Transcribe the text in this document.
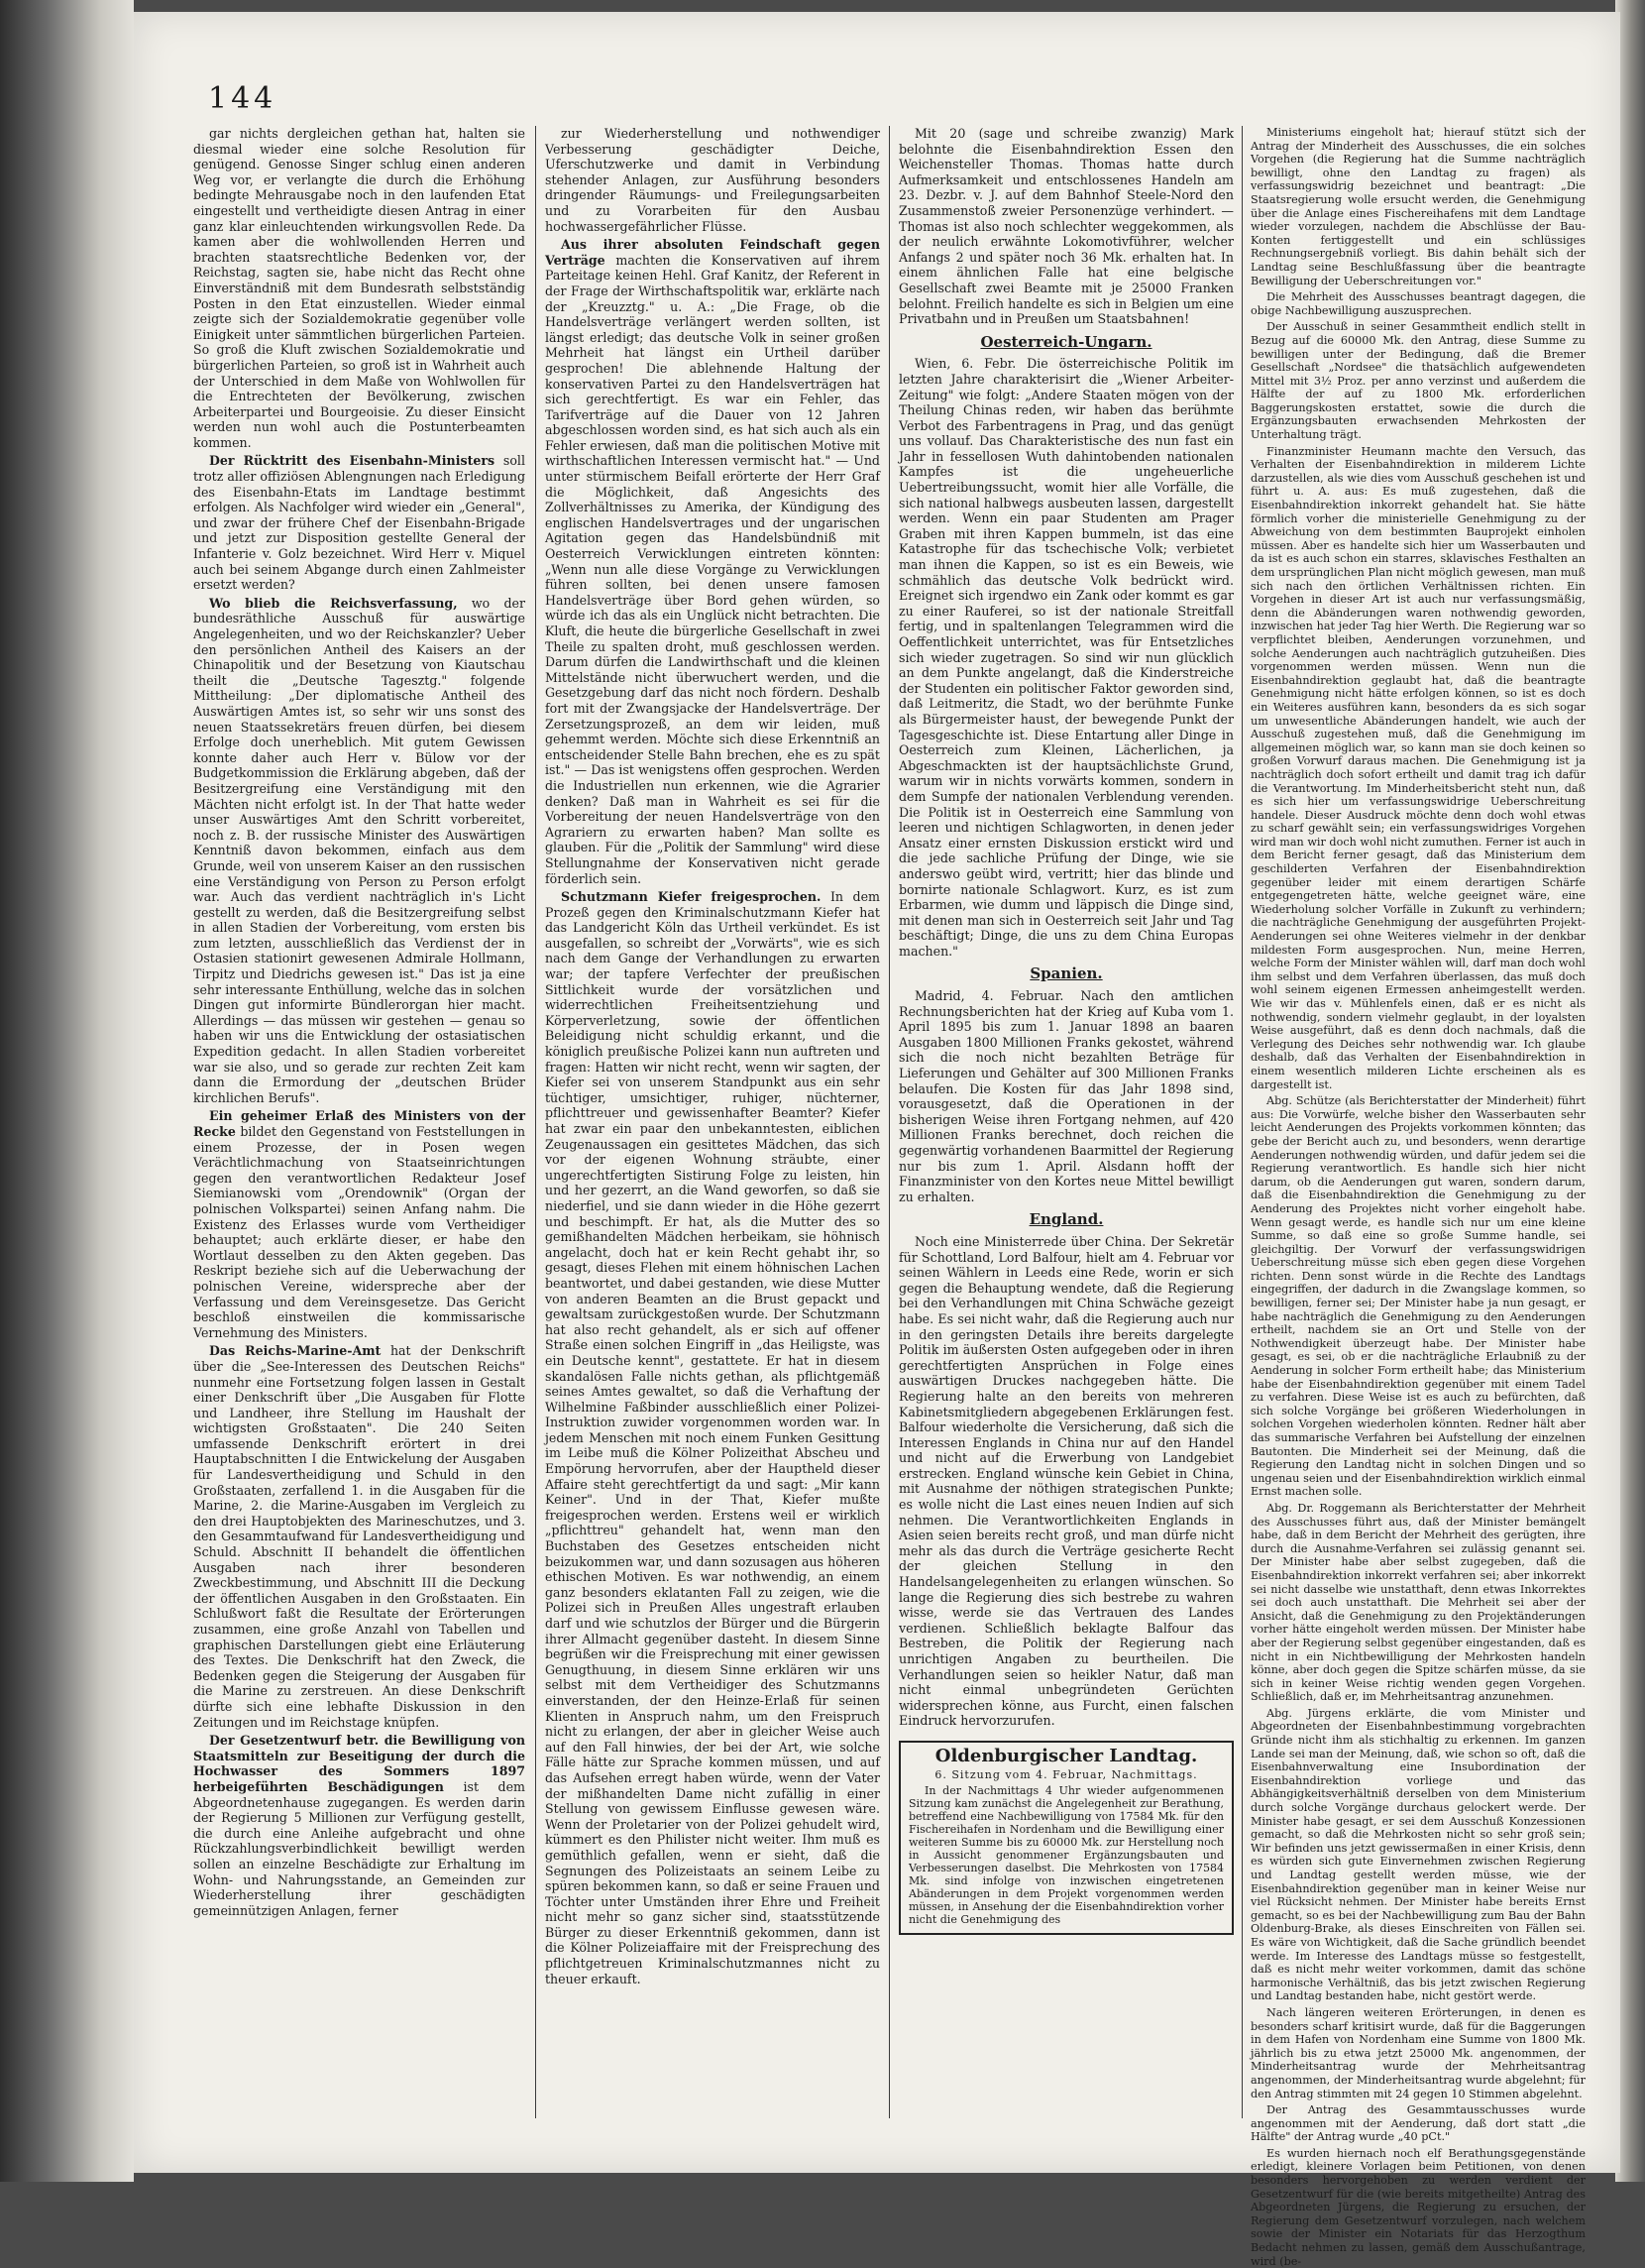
144

gar nichts dergleichen gethan hat, halten sie diesmal wieder eine solche Resolution für genügend. Genosse Singer schlug einen anderen Weg vor, er verlangte die durch die Erhöhung bedingte Mehrausgabe noch in den laufenden Etat eingestellt und vertheidigte diesen Antrag in einer ganz klar einleuchtenden wirkungsvollen Rede. Da kamen aber die wohlwollenden Herren und brachten staatsrechtliche Bedenken vor, der Reichstag, sagten sie, habe nicht das Recht ohne Einverständniß mit dem Bundesrath selbstständig Posten in den Etat einzustellen. Wieder einmal zeigte sich der Sozialdemokratie gegenüber volle Einigkeit unter sämmtlichen bürgerlichen Parteien. So groß die Kluft zwischen Sozialdemokratie und bürgerlichen Parteien, so groß ist in Wahrheit auch der Unterschied in dem Maße von Wohlwollen für die Entrechteten der Bevölkerung, zwischen Arbeiterpartei und Bourgeoisie. Zu dieser Einsicht werden nun wohl auch die Postunterbeamten kommen.

Der Rücktritt des Eisenbahn-Ministers soll trotz aller offiziösen Ablengnungen nach Erledigung des Eisenbahn-Etats im Landtage bestimmt erfolgen. Als Nachfolger wird wieder ein „General", und zwar der frühere Chef der Eisenbahn-Brigade und jetzt zur Disposition gestellte General der Infanterie v. Golz bezeichnet. Wird Herr v. Miquel auch bei seinem Abgange durch einen Zahlmeister ersetzt werden?

Wo blieb die Reichsverfassung, wo der bundesräthliche Ausschuß für auswärtige Angelegenheiten, und wo der Reichskanzler? Ueber den persönlichen Antheil des Kaisers an der Chinapolitik und der Besetzung von Kiautschau theilt die „Deutsche Tagesztg." folgende Mittheilung: „Der diplomatische Antheil des Auswärtigen Amtes ist, so sehr wir uns sonst des neuen Staatssekretärs freuen dürfen, bei diesem Erfolge doch unerheblich. Mit gutem Gewissen konnte daher auch Herr v. Bülow vor der Budgetkommission die Erklärung abgeben, daß der Besitzergreifung eine Verständigung mit den Mächten nicht erfolgt ist. In der That hatte weder unser Auswärtiges Amt den Schritt vorbereitet, noch z. B. der russische Minister des Auswärtigen Kenntniß davon bekommen, einfach aus dem Grunde, weil von unserem Kaiser an den russischen eine Verständigung von Person zu Person erfolgt war. Auch das verdient nachträglich in's Licht gestellt zu werden, daß die Besitzergreifung selbst in allen Stadien der Vorbereitung, vom ersten bis zum letzten, ausschließlich das Verdienst der in Ostasien stationirt gewesenen Admirale Hollmann, Tirpitz und Diedrichs gewesen ist." Das ist ja eine sehr interessante Enthüllung, welche das in solchen Dingen gut informirte Bündlerorgan hier macht. Allerdings — das müssen wir gestehen — genau so haben wir uns die Entwicklung der ostasiatischen Expedition gedacht. In allen Stadien vorbereitet war sie also, und so gerade zur rechten Zeit kam dann die Ermordung der „deutschen Brüder kirchlichen Berufs".

Ein geheimer Erlaß des Ministers von der Recke bildet den Gegenstand von Feststellungen in einem Prozesse, der in Posen wegen Verächtlichmachung von Staatseinrichtungen gegen den verantwortlichen Redakteur Josef Siemianowski vom „Orendownik" (Organ der polnischen Volkspartei) seinen Anfang nahm. Die Existenz des Erlasses wurde vom Vertheidiger behauptet; auch erklärte dieser, er habe den Wortlaut desselben zu den Akten gegeben. Das Reskript beziehe sich auf die Ueberwachung der polnischen Vereine, widerspreche aber der Verfassung und dem Vereinsgesetze. Das Gericht beschloß einstweilen die kommissarische Vernehmung des Ministers.

Das Reichs-Marine-Amt hat der Denkschrift über die „See-Interessen des Deutschen Reichs" nunmehr eine Fortsetzung folgen lassen in Gestalt einer Denkschrift über „Die Ausgaben für Flotte und Landheer, ihre Stellung im Haushalt der wichtigsten Großstaaten". Die 240 Seiten umfassende Denkschrift erörtert in drei Hauptabschnitten I die Entwickelung der Ausgaben für Landesvertheidigung und Schuld in den Großstaaten, zerfallend 1. in die Ausgaben für die Marine, 2. die Marine-Ausgaben im Vergleich zu den drei Hauptobjekten des Marineschutzes, und 3. den Gesammtaufwand für Landesvertheidigung und Schuld. Abschnitt II behandelt die öffentlichen Ausgaben nach ihrer besonderen Zweckbestimmung, und Abschnitt III die Deckung der öffentlichen Ausgaben in den Großstaaten. Ein Schlußwort faßt die Resultate der Erörterungen zusammen, eine große Anzahl von Tabellen und graphischen Darstellungen giebt eine Erläuterung des Textes. Die Denkschrift hat den Zweck, die Bedenken gegen die Steigerung der Ausgaben für die Marine zu zerstreuen. An diese Denkschrift dürfte sich eine lebhafte Diskussion in den Zeitungen und im Reichstage knüpfen.

Der Gesetzentwurf betr. die Bewilligung von Staatsmitteln zur Beseitigung der durch die Hochwasser des Sommers 1897 herbeigeführten Beschädigungen ist dem Abgeordnetenhause zugegangen. Es werden darin der Regierung 5 Millionen zur Verfügung gestellt, die durch eine Anleihe aufgebracht und ohne Rückzahlungsverbindlichkeit bewilligt werden sollen an einzelne Beschädigte zur Erhaltung im Wohn- und Nahrungsstande, an Gemeinden zur Wiederherstellung ihrer geschädigten gemeinnützigen Anlagen, ferner

zur Wiederherstellung und nothwendiger Verbesserung geschädigter Deiche, Uferschutzwerke und damit in Verbindung stehender Anlagen, zur Ausführung besonders dringender Räumungs- und Freilegungsarbeiten und zu Vorarbeiten für den Ausbau hochwassergefährlicher Flüsse.

Aus ihrer absoluten Feindschaft gegen Verträge machten die Konservativen auf ihrem Parteitage keinen Hehl. Graf Kanitz, der Referent in der Frage der Wirthschaftspolitik war, erklärte nach der „Kreuzztg." u. A.: „Die Frage, ob die Handelsverträge verlängert werden sollten, ist längst erledigt; das deutsche Volk in seiner großen Mehrheit hat längst ein Urtheil darüber gesprochen! Die ablehnende Haltung der konservativen Partei zu den Handelsverträgen hat sich gerechtfertigt. Es war ein Fehler, das Tarifverträge auf die Dauer von 12 Jahren abgeschlossen worden sind, es hat sich auch als ein Fehler erwiesen, daß man die politischen Motive mit wirthschaftlichen Interessen vermischt hat." — Und unter stürmischem Beifall erörterte der Herr Graf die Möglichkeit, daß Angesichts des Zollverhältnisses zu Amerika, der Kündigung des englischen Handelsvertrages und der ungarischen Agitation gegen das Handelsbündniß mit Oesterreich Verwicklungen eintreten könnten: „Wenn nun alle diese Vorgänge zu Verwicklungen führen sollten, bei denen unsere famosen Handelsverträge über Bord gehen würden, so würde ich das als ein Unglück nicht betrachten. Die Kluft, die heute die bürgerliche Gesellschaft in zwei Theile zu spalten droht, muß geschlossen werden. Darum dürfen die Landwirthschaft und die kleinen Mittelstände nicht überwuchert werden, und die Gesetzgebung darf das nicht noch fördern. Deshalb fort mit der Zwangsjacke der Handelsverträge. Der Zersetzungsprozeß, an dem wir leiden, muß gehemmt werden. Möchte sich diese Erkenntniß an entscheidender Stelle Bahn brechen, ehe es zu spät ist." — Das ist wenigstens offen gesprochen. Werden die Industriellen nun erkennen, wie die Agrarier denken? Daß man in Wahrheit es sei für die Vorbereitung der neuen Handelsverträge von den Agrariern zu erwarten haben? Man sollte es glauben. Für die „Politik der Sammlung" wird diese Stellungnahme der Konservativen nicht gerade förderlich sein.

Schutzmann Kiefer freigesprochen. In dem Prozeß gegen den Kriminalschutzmann Kiefer hat das Landgericht Köln das Urtheil verkündet. Es ist ausgefallen, so schreibt der „Vorwärts", wie es sich nach dem Gange der Verhandlungen zu erwarten war; der tapfere Verfechter der preußischen Sittlichkeit wurde der vorsätzlichen und widerrechtlichen Freiheitsentziehung und Körperverletzung, sowie der öffentlichen Beleidigung nicht schuldig erkannt, und die königlich preußische Polizei kann nun auftreten und fragen: Hatten wir nicht recht, wenn wir sagten, der Kiefer sei von unserem Standpunkt aus ein sehr tüchtiger, umsichtiger, ruhiger, nüchterner, pflichttreuer und gewissenhafter Beamter? Kiefer hat zwar ein paar den unbekanntesten, eiblichen Zeugenaussagen ein gesittetes Mädchen, das sich vor der eigenen Wohnung sträubte, einer ungerechtfertigten Sistirung Folge zu leisten, hin und her gezerrt, an die Wand geworfen, so daß sie niederfiel, und sie dann wieder in die Höhe gezerrt und beschimpft. Er hat, als die Mutter des so gemißhandelten Mädchen herbeikam, sie höhnisch angelacht, doch hat er kein Recht gehabt ihr, so gesagt, dieses Flehen mit einem höhnischen Lachen beantwortet, und dabei gestanden, wie diese Mutter von anderen Beamten an die Brust gepackt und gewaltsam zurückgestoßen wurde. Der Schutzmann hat also recht gehandelt, als er sich auf offener Straße einen solchen Eingriff in „das Heiligste, was ein Deutsche kennt", gestattete. Er hat in diesem skandalösen Falle nichts gethan, als pflichtgemäß seines Amtes gewaltet, so daß die Verhaftung der Wilhelmine Faßbinder ausschließlich einer Polizei-Instruktion zuwider vorgenommen worden war. In jedem Menschen mit noch einem Funken Gesittung im Leibe muß die Kölner Polizeithat Abscheu und Empörung hervorrufen, aber der Hauptheld dieser Affaire steht gerechtfertigt da und sagt: „Mir kann Keiner". Und in der That, Kiefer mußte freigesprochen werden. Erstens weil er wirklich „pflichttreu" gehandelt hat, wenn man den Buchstaben des Gesetzes entscheiden nicht beizukommen war, und dann sozusagen aus höheren ethischen Motiven. Es war nothwendig, an einem ganz besonders eklatanten Fall zu zeigen, wie die Polizei sich in Preußen Alles ungestraft erlauben darf und wie schutzlos der Bürger und die Bürgerin ihrer Allmacht gegenüber dasteht. In diesem Sinne begrüßen wir die Freisprechung mit einer gewissen Genugthuung, in diesem Sinne erklären wir uns selbst mit dem Vertheidiger des Schutzmanns einverstanden, der den Heinze-Erlaß für seinen Klienten in Anspruch nahm, um den Freispruch nicht zu erlangen, der aber in gleicher Weise auch auf den Fall hinwies, der bei der Art, wie solche Fälle hätte zur Sprache kommen müssen, und auf das Aufsehen erregt haben würde, wenn der Vater der mißhandelten Dame nicht zufällig in einer Stellung von gewissem Einflusse gewesen wäre. Wenn der Proletarier von der Polizei gehudelt wird, kümmert es den Philister nicht weiter. Ihm muß es gemüthlich gefallen, wenn er sieht, daß die Segnungen des Polizeistaats an seinem Leibe zu spüren bekommen kann, so daß er seine Frauen und Töchter unter Umständen ihrer Ehre und Freiheit nicht mehr so ganz sicher sind, staatsstützende Bürger zu dieser Erkenntniß gekommen, dann ist die Kölner Polizeiaffaire mit der Freisprechung des pflichtgetreuen Kriminalschutzmannes nicht zu theuer erkauft.

Mit 20 (sage und schreibe zwanzig) Mark belohnte die Eisenbahndirektion Essen den Weichensteller Thomas. Thomas hatte durch Aufmerksamkeit und entschlossenes Handeln am 23. Dezbr. v. J. auf dem Bahnhof Steele-Nord den Zusammenstoß zweier Personenzüge verhindert. — Thomas ist also noch schlechter weggekommen, als der neulich erwähnte Lokomotivführer, welcher Anfangs 2 und später noch 36 Mk. erhalten hat. In einem ähnlichen Falle hat eine belgische Gesellschaft zwei Beamte mit je 25000 Franken belohnt. Freilich handelte es sich in Belgien um eine Privatbahn und in Preußen um Staatsbahnen!

Oesterreich-Ungarn.

Wien, 6. Febr. Die österreichische Politik im letzten Jahre charakterisirt die „Wiener Arbeiter-Zeitung" wie folgt: „Andere Staaten mögen von der Theilung Chinas reden, wir haben das berühmte Verbot des Farbentragens in Prag, und das genügt uns vollauf. Das Charakteristische des nun fast ein Jahr in fessellosen Wuth dahintobenden nationalen Kampfes ist die ungeheuerliche Uebertreibungssucht, womit hier alle Vorfälle, die sich national halbwegs ausbeuten lassen, dargestellt werden. Wenn ein paar Studenten am Prager Graben mit ihren Kappen bummeln, ist das eine Katastrophe für das tschechische Volk; verbietet man ihnen die Kappen, so ist es ein Beweis, wie schmählich das deutsche Volk bedrückt wird. Ereignet sich irgendwo ein Zank oder kommt es gar zu einer Rauferei, so ist der nationale Streitfall fertig, und in spaltenlangen Telegrammen wird die Oeffentlichkeit unterrichtet, was für Entsetzliches sich wieder zugetragen. So sind wir nun glücklich an dem Punkte angelangt, daß die Kinderstreiche der Studenten ein politischer Faktor geworden sind, daß Leitmeritz, die Stadt, wo der berühmte Funke als Bürgermeister haust, der bewegende Punkt der Tagesgeschichte ist. Diese Entartung aller Dinge in Oesterreich zum Kleinen, Lächerlichen, ja Abgeschmackten ist der hauptsächlichste Grund, warum wir in nichts vorwärts kommen, sondern in dem Sumpfe der nationalen Verblendung verenden. Die Politik ist in Oesterreich eine Sammlung von leeren und nichtigen Schlagworten, in denen jeder Ansatz einer ernsten Diskussion erstickt wird und die jede sachliche Prüfung der Dinge, wie sie anderswo geübt wird, vertritt; hier das blinde und bornirte nationale Schlagwort. Kurz, es ist zum Erbarmen, wie dumm und läppisch die Dinge sind, mit denen man sich in Oesterreich seit Jahr und Tag beschäftigt; Dinge, die uns zu dem China Europas machen."

Spanien.

Madrid, 4. Februar. Nach den amtlichen Rechnungsberichten hat der Krieg auf Kuba vom 1. April 1895 bis zum 1. Januar 1898 an baaren Ausgaben 1800 Millionen Franks gekostet, während sich die noch nicht bezahlten Beträge für Lieferungen und Gehälter auf 300 Millionen Franks belaufen. Die Kosten für das Jahr 1898 sind, vorausgesetzt, daß die Operationen in der bisherigen Weise ihren Fortgang nehmen, auf 420 Millionen Franks berechnet, doch reichen die gegenwärtig vorhandenen Baarmittel der Regierung nur bis zum 1. April. Alsdann hofft der Finanzminister von den Kortes neue Mittel bewilligt zu erhalten.

England.

Noch eine Ministerrede über China. Der Sekretär für Schottland, Lord Balfour, hielt am 4. Februar vor seinen Wählern in Leeds eine Rede, worin er sich gegen die Behauptung wendete, daß die Regierung bei den Verhandlungen mit China Schwäche gezeigt habe. Es sei nicht wahr, daß die Regierung auch nur in den geringsten Details ihre bereits dargelegte Politik im äußersten Osten aufgegeben oder in ihren gerechtfertigten Ansprüchen in Folge eines auswärtigen Druckes nachgegeben hätte. Die Regierung halte an den bereits von mehreren Kabinetsmitgliedern abgegebenen Erklärungen fest. Balfour wiederholte die Versicherung, daß sich die Interessen Englands in China nur auf den Handel und nicht auf die Erwerbung von Landgebiet erstrecken. England wünsche kein Gebiet in China, mit Ausnahme der nöthigen strategischen Punkte; es wolle nicht die Last eines neuen Indien auf sich nehmen. Die Verantwortlichkeiten Englands in Asien seien bereits recht groß, und man dürfe nicht mehr als das durch die Verträge gesicherte Recht der gleichen Stellung in den Handelsangelegenheiten zu erlangen wünschen. So lange die Regierung dies sich bestrebe zu wahren wisse, werde sie das Vertrauen des Landes verdienen. Schließlich beklagte Balfour das Bestreben, die Politik der Regierung nach unrichtigen Angaben zu beurtheilen. Die Verhandlungen seien so heikler Natur, daß man nicht einmal unbegründeten Gerüchten widersprechen könne, aus Furcht, einen falschen Eindruck hervorzurufen.

Oldenburgischer Landtag.

6. Sitzung vom 4. Februar, Nachmittags.

In der Nachmittags 4 Uhr wieder aufgenommenen Sitzung kam zunächst die Angelegenheit zur Berathung, betreffend eine Nachbewilligung von 17584 Mk. für den Fischereihafen in Nordenham und die Bewilligung einer weiteren Summe bis zu 60000 Mk. zur Herstellung noch in Aussicht genommener Ergänzungsbauten und Verbesserungen daselbst. Die Mehrkosten von 17584 Mk. sind infolge von inzwischen eingetretenen Abänderungen in dem Projekt vorgenommen werden müssen, in Ansehung der die Eisenbahndirektion vorher nicht die Genehmigung des

Ministeriums eingeholt hat; hierauf stützt sich der Antrag der Minderheit des Ausschusses, die ein solches Vorgehen (die Regierung hat die Summe nachträglich bewilligt, ohne den Landtag zu fragen) als verfassungswidrig bezeichnet und beantragt: „Die Staatsregierung wolle ersucht werden, die Genehmigung über die Anlage eines Fischereihafens mit dem Landtage wieder vorzulegen, nachdem die Abschlüsse der Bau-Konten fertiggestellt und ein schlüssiges Rechnungsergebniß vorliegt. Bis dahin behält sich der Landtag seine Beschlußfassung über die beantragte Bewilligung der Ueberschreitungen vor."

Die Mehrheit des Ausschusses beantragt dagegen, die obige Nachbewilligung auszusprechen.

Der Ausschuß in seiner Gesammtheit endlich stellt in Bezug auf die 60000 Mk. den Antrag, diese Summe zu bewilligen unter der Bedingung, daß die Bremer Gesellschaft „Nordsee" die thatsächlich aufgewendeten Mittel mit 3½ Proz. per anno verzinst und außerdem die Hälfte der auf zu 1800 Mk. erforderlichen Baggerungskosten erstattet, sowie die durch die Ergänzungsbauten erwachsenden Mehrkosten der Unterhaltung trägt.

Finanzminister Heumann machte den Versuch, das Verhalten der Eisenbahndirektion in milderem Lichte darzustellen, als wie dies vom Ausschuß geschehen ist und führt u. A. aus: Es muß zugestehen, daß die Eisenbahndirektion inkorrekt gehandelt hat. Sie hätte förmlich vorher die ministerielle Genehmigung zu der Abweichung von dem bestimmten Bauprojekt einholen müssen. Aber es handelte sich hier um Wasserbauten und da ist es auch schon ein starres, sklavisches Festhalten an dem ursprünglichen Plan nicht möglich gewesen, man muß sich nach den örtlichen Verhältnissen richten. Ein Vorgehen in dieser Art ist auch nur verfassungsmäßig, denn die Abänderungen waren nothwendig geworden, inzwischen hat jeder Tag hier Werth. Die Regierung war so verpflichtet bleiben, Aenderungen vorzunehmen, und solche Aenderungen auch nachträglich gutzuheißen. Dies vorgenommen werden müssen. Wenn nun die Eisenbahndirektion geglaubt hat, daß die beantragte Genehmigung nicht hätte erfolgen können, so ist es doch ein Weiteres ausführen kann, besonders da es sich sogar um unwesentliche Abänderungen handelt, wie auch der Ausschuß zugestehen muß, daß die Genehmigung im allgemeinen möglich war, so kann man sie doch keinen so großen Vorwurf daraus machen. Die Genehmigung ist ja nachträglich doch sofort ertheilt und damit trag ich dafür die Verantwortung. Im Minderheitsbericht steht nun, daß es sich hier um verfassungswidrige Ueberschreitung handele. Dieser Ausdruck möchte denn doch wohl etwas zu scharf gewählt sein; ein verfassungswidriges Vorgehen wird man wir doch wohl nicht zumuthen. Ferner ist auch in dem Bericht ferner gesagt, daß das Ministerium dem geschilderten Verfahren der Eisenbahndirektion gegenüber leider mit einem derartigen Schärfe entgegengetreten hätte, welche geeignet wäre, eine Wiederholung solcher Vorfälle in Zukunft zu verhindern; die nachträgliche Genehmigung der ausgeführten Projekt-Aenderungen sei ohne Weiteres vielmehr in der denkbar mildesten Form ausgesprochen. Nun, meine Herren, welche Form der Minister wählen will, darf man doch wohl ihm selbst und dem Verfahren überlassen, das muß doch wohl seinem eigenen Ermessen anheimgestellt werden. Wie wir das v. Mühlenfels einen, daß er es nicht als nothwendig, sondern vielmehr geglaubt, in der loyalsten Weise ausgeführt, daß es denn doch nachmals, daß die Verlegung des Deiches sehr nothwendig war. Ich glaube deshalb, daß das Verhalten der Eisenbahndirektion in einem wesentlich milderen Lichte erscheinen als es dargestellt ist.

Abg. Schütze (als Berichterstatter der Minderheit) führt aus: Die Vorwürfe, welche bisher den Wasserbauten sehr leicht Aenderungen des Projekts vorkommen könnten; das gebe der Bericht auch zu, und besonders, wenn derartige Aenderungen nothwendig würden, und dafür jedem sei die Regierung verantwortlich. Es handle sich hier nicht darum, ob die Aenderungen gut waren, sondern darum, daß die Eisenbahndirektion die Genehmigung zu der Aenderung des Projektes nicht vorher eingeholt habe. Wenn gesagt werde, es handle sich nur um eine kleine Summe, so daß eine so große Summe handle, sei gleichgiltig. Der Vorwurf der verfassungswidrigen Ueberschreitung müsse sich eben gegen diese Vorgehen richten. Denn sonst würde in die Rechte des Landtags eingegriffen, der dadurch in die Zwangslage kommen, so bewilligen, ferner sei; Der Minister habe ja nun gesagt, er habe nachträglich die Genehmigung zu den Aenderungen ertheilt, nachdem sie an Ort und Stelle von der Nothwendigkeit überzeugt habe. Der Minister habe gesagt, es sei, ob er die nachträgliche Erlaubniß zu der Aenderung in solcher Form ertheilt habe; das Ministerium habe der Eisenbahndirektion gegenüber mit einem Tadel zu verfahren. Diese Weise ist es auch zu befürchten, daß sich solche Vorgänge bei größeren Wiederholungen in solchen Vorgehen wiederholen könnten. Redner hält aber das summarische Verfahren bei Aufstellung der einzelnen Bautonten. Die Minderheit sei der Meinung, daß die Regierung den Landtag nicht in solchen Dingen und so ungenau seien und der Eisenbahndirektion wirklich einmal Ernst machen solle.

Abg. Dr. Roggemann als Berichterstatter der Mehrheit des Ausschusses führt aus, daß der Minister bemängelt habe, daß in dem Bericht der Mehrheit des gerügten, ihre durch die Ausnahme-Verfahren sei zulässig genannt sei. Der Minister habe aber selbst zugegeben, daß die Eisenbahndirektion inkorrekt verfahren sei; aber inkorrekt sei nicht dasselbe wie unstatthaft, denn etwas Inkorrektes sei doch auch unstatthaft. Die Mehrheit sei aber der Ansicht, daß die Genehmigung zu den Projektänderungen vorher hätte eingeholt werden müssen. Der Minister habe aber der Regierung selbst gegenüber eingestanden, daß es nicht in ein Nichtbewilligung der Mehrkosten handeln könne, aber doch gegen die Spitze schärfen müsse, da sie sich in keiner Weise richtig wenden gegen Vorgehen. Schließlich, daß er, im Mehrheitsantrag anzunehmen.

Abg. Jürgens erklärte, die vom Minister und Abgeordneten der Eisenbahnbestimmung vorgebrachten Gründe nicht ihm als stichhaltig zu erkennen. Im ganzen Lande sei man der Meinung, daß, wie schon so oft, daß die Eisenbahnverwaltung eine Insubordination der Eisenbahndirektion vorliege und das Abhängigkeitsverhältniß derselben von dem Ministerium durch solche Vorgänge durchaus gelockert werde. Der Minister habe gesagt, er sei dem Ausschuß Konzessionen gemacht, so daß die Mehrkosten nicht so sehr groß sein; Wir befinden uns jetzt gewissermaßen in einer Krisis, denn es würden sich gute Einvernehmen zwischen Regierung und Landtag gestellt werden müsse, wie der Eisenbahndirektion gegenüber man in keiner Weise nur viel Rücksicht nehmen. Der Minister habe bereits Ernst gemacht, so es bei der Nachbewilligung zum Bau der Bahn Oldenburg-Brake, als dieses Einschreiten von Fällen sei. Es wäre von Wichtigkeit, daß die Sache gründlich beendet werde. Im Interesse des Landtags müsse so festgestellt, daß es nicht mehr weiter vorkommen, damit das schöne harmonische Verhältniß, das bis jetzt zwischen Regierung und Landtag bestanden habe, nicht gestört werde.

Nach längeren weiteren Erörterungen, in denen es besonders scharf kritisirt wurde, daß für die Baggerungen in dem Hafen von Nordenham eine Summe von 1800 Mk. jährlich bis zu etwa jetzt 25000 Mk. angenommen, der Minderheitsantrag wurde der Mehrheitsantrag angenommen, der Minderheitsantrag wurde abgelehnt; für den Antrag stimmten mit 24 gegen 10 Stimmen abgelehnt.

Der Antrag des Gesammtausschusses wurde angenommen mit der Aenderung, daß dort statt „die Hälfte" der Antrag wurde „40 pCt."

Es wurden hiernach noch elf Berathungsgegenstände erledigt, kleinere Vorlagen beim Petitionen, von denen besonders hervorgehoben zu werden verdient der Gesetzentwurf für die (wie bereits mitgetheilte) Antrag des Abgeordneten Jürgens, die Regierung zu ersuchen, der Regierung dem Gesetzentwurf vorzulegen, nach welchem sowie der Minister ein Notariats für das Herzogthum Bedacht nehmen zu lassen, gemäß dem Ausschußantrage, wird (be-
